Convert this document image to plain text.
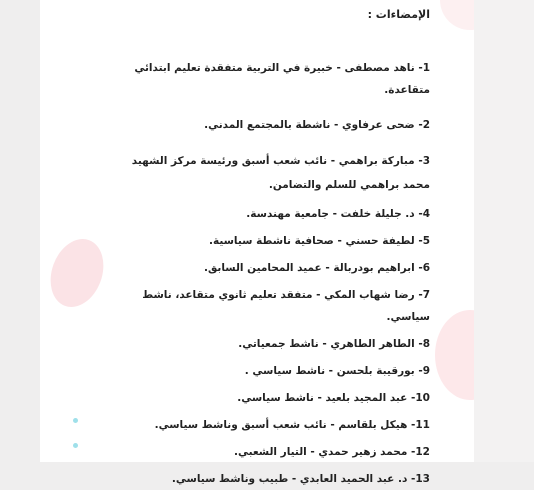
الإمضاءات :
1- ناهد مصطفى - خبيرة في التربية متفقدة تعليم ابتدائي متقاعدة.
2- ضحى عرفاوي - ناشطة بالمجتمع المدني.
3- مباركة براهمي - نائب شعب أسبق ورئيسة مركز الشهيد محمد براهمي للسلم والتضامن.
4- د. جليلة خلفت - جامعية مهندسة.
5- لطيفة حسني - صحافية ناشطة سياسية.
6- ابراهيم بودربالة - عميد المحامين السابق.
7- رضا شهاب المكي - متفقد تعليم ثانوي متقاعد، ناشط سياسي.
8- الطاهر الطاهري - ناشط جمعياتي.
9- بورقيبة بلحسن - ناشط سياسي .
10- عبد المجيد بلعيد - ناشط سياسي.
11- هيكل بلقاسم - نائب شعب أسبق وناشط سياسي.
12- محمد زهير حمدي - التيار الشعبي.
13- د. عبد الحميد العابدي - طبيب وناشط سياسي.
